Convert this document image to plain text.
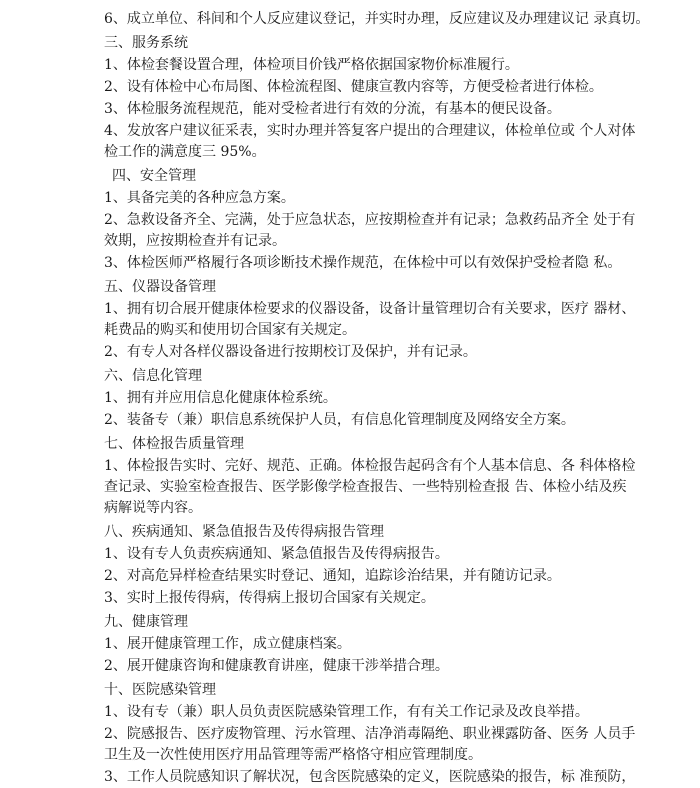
6、成立单位、科间和个人反应建议登记，并实时办理，反应建议及办理建议记 录真切。
三、服务系统
1、体检套餐设置合理，体检项目价钱严格依据国家物价标准履行。
2、设有体检中心布局图、体检流程图、健康宣教内容等，方便受检者进行体检。
3、体检服务流程规范，能对受检者进行有效的分流，有基本的便民设备。
4、发放客户建议征采表，实时办理并答复客户提出的合理建议，体检单位或 个人对体
检工作的满意度三 95%。
四、安全管理
1、具备完美的各种应急方案。
2、急救设备齐全、完满，处于应急状态，应按期检查并有记录；急救药品齐全 处于有
效期，应按期检查并有记录。
3、体检医师严格履行各项诊断技术操作规范，在体检中可以有效保护受检者隐 私。
五、仪器设备管理
1、拥有切合展开健康体检要求的仪器设备，设备计量管理切合有关要求，医疗 器材、
耗费品的购买和使用切合国家有关规定。
2、有专人对各样仪器设备进行按期校订及保护，并有记录。
六、信息化管理
1、拥有并应用信息化健康体检系统。
2、装备专（兼）职信息系统保护人员，有信息化管理制度及网络安全方案。
七、体检报告质量管理
1、体检报告实时、完好、规范、正确。体检报告起码含有个人基本信息、各 科体格检
查记录、实验室检查报告、医学影像学检查报告、一些特别检查报 告、体检小结及疾
病解说等内容。
八、疾病通知、紧急值报告及传得病报告管理
1、设有专人负责疾病通知、紧急值报告及传得病报告。
2、对高危异样检查结果实时登记、通知，追踪诊治结果，并有随访记录。
3、实时上报传得病，传得病上报切合国家有关规定。
九、健康管理
1、展开健康管理工作，成立健康档案。
2、展开健康咨询和健康教育讲座，健康干涉举措合理。
十、医院感染管理
1、设有专（兼）职人员负责医院感染管理工作，有有关工作记录及改良举措。
2、院感报告、医疗废物管理、污水管理、洁净消毒隔绝、职业裸露防备、医务 人员手
卫生及一次性使用医疗用品管理等需严格恪守相应管理制度。
3、工作人员院感知识了解状况，包含医院感染的定义，医院感染的报告，标 准预防，
